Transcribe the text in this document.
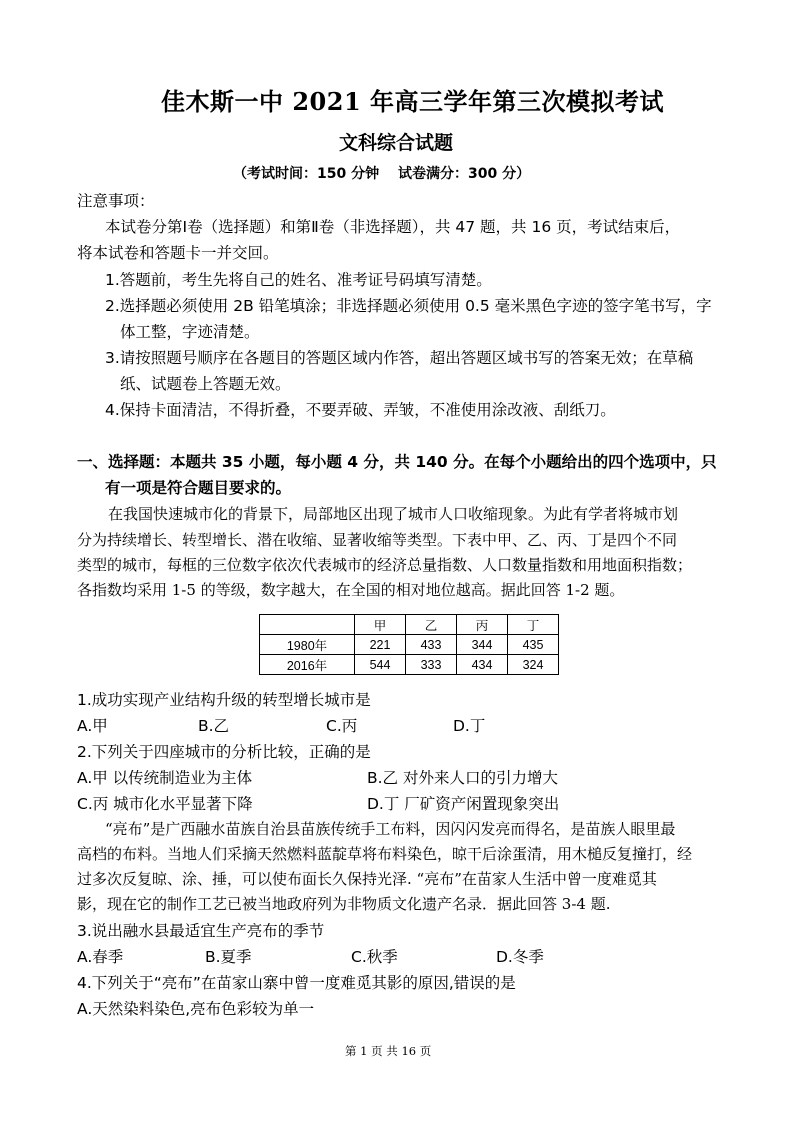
佳木斯一中 2021 年高三学年第三次模拟考试
文科综合试题
（考试时间：150 分钟　 试卷满分：300 分）
注意事项：
本试卷分第Ⅰ卷（选择题）和第Ⅱ卷（非选择题），共 47 题，共 16 页，考试结束后，
将本试卷和答题卡一并交回。
1.答题前，考生先将自己的姓名、准考证号码填写清楚。
2.选择题必须使用 2B 铅笔填涂；非选择题必须使用 0.5 毫米黑色字迹的签字笔书写，字
体工整，字迹清楚。
3.请按照题号顺序在各题目的答题区域内作答，超出答题区域书写的答案无效；在草稿
纸、试题卷上答题无效。
4.保持卡面清洁，不得折叠，不要弄破、弄皱，不准使用涂改液、刮纸刀。
一、选择题：本题共 35 小题，每小题 4 分，共 140 分。在每个小题给出的四个选项中，只
有一项是符合题目要求的。
在我国快速城市化的背景下，局部地区出现了城市人口收缩现象。为此有学者将城市划
分为持续增长、转型增长、潜在收缩、显著收缩等类型。下表中甲、乙、丙、丁是四个不同
类型的城市，每框的三位数字依次代表城市的经济总量指数、人口数量指数和用地面积指数；
各指数均采用 1-5 的等级，数字越大，在全国的相对地位越高。据此回答 1-2 题。
	甲	乙	丙	丁
1980年	221	433	344	435
2016年	544	333	434	324
1.成功实现产业结构升级的转型增长城市是
A.甲	B.乙	C.丙	D.丁
2.下列关于四座城市的分析比较，正确的是
A.甲 以传统制造业为主体	B.乙 对外来人口的引力增大
C.丙 城市化水平显著下降	D.丁 厂矿资产闲置现象突出
“亮布”是广西融水苗族自治县苗族传统手工布料，因闪闪发亮而得名，是苗族人眼里最
高档的布料。当地人们采摘天然燃料蓝靛草将布料染色，晾干后涂蛋清，用木槌反复撞打，经
过多次反复晾、涂、捶，可以使布面长久保持光泽. “亮布”在苗家人生活中曾一度难觅其
影，现在它的制作工艺已被当地政府列为非物质文化遗产名录．据此回答 3-4 题.
3.说出融水县最适宜生产亮布的季节
A.春季	B.夏季	C.秋季	D.冬季
4.下列关于“亮布”在苗家山寨中曾一度难觅其影的原因,错误的是
A.天然染料染色,亮布色彩较为单一
第 1 页 共 16 页
